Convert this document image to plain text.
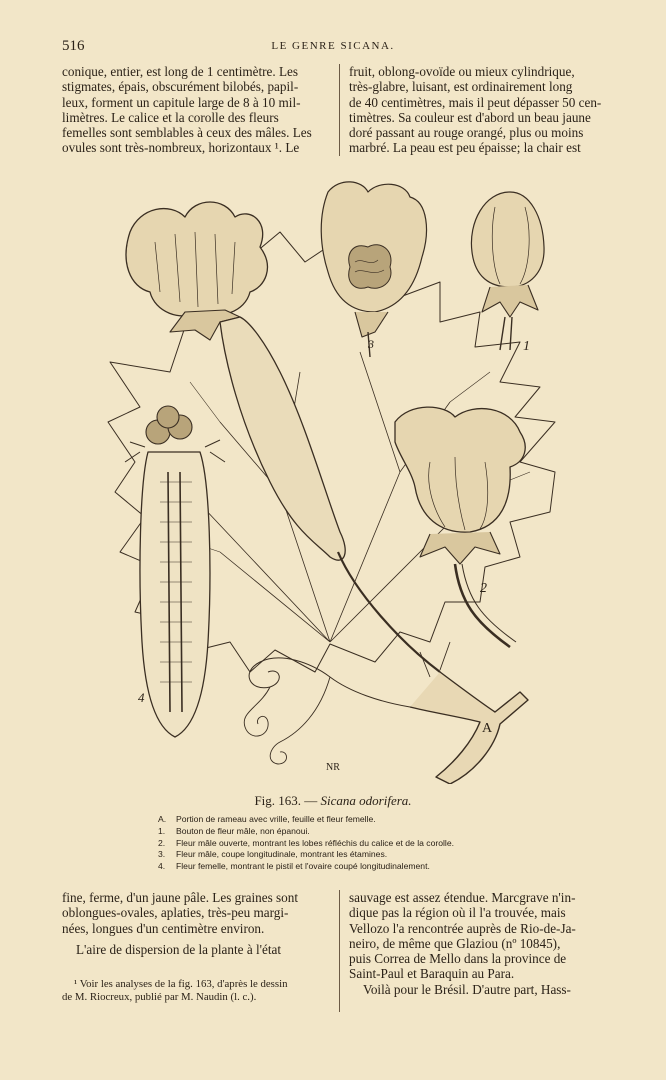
516	LE GENRE SICANA.

conique, entier, est long de 1 centimètre. Les

stigmates, épais, obscurément bilobés, papil-

leux, forment un capitule large de 8 à 10 mil-

limètres. Le calice et la corolle des fleurs

femelles sont semblables à ceux des mâles. Les

ovules sont très-nombreux, horizontaux ¹. Le

fruit, oblong-ovoïde ou mieux cylindrique,

très-glabre, luisant, est ordinairement long

de 40 centimètres, mais il peut dépasser 50 cen-

timètres. Sa couleur est d'abord un beau jaune

doré passant au rouge orangé, plus ou moins

marbré. La peau est peu épaisse; la chair est

1
2
3
4
A
NR
Fig. 163. — Sicana odorifera.
A. Portion de rameau avec vrille, feuille et fleur femelle.
1. Bouton de fleur mâle, non épanoui.
2. Fleur mâle ouverte, montrant les lobes réfléchis du calice et de la corolle.
3. Fleur mâle, coupe longitudinale, montrant les étamines.
4. Fleur femelle, montrant le pistil et l'ovaire coupé longitudinalement.

fine, ferme, d'un jaune pâle. Les graines sont

oblongues-ovales, aplaties, très-peu margi-

nées, longues d'un centimètre environ.

L'aire de dispersion de la plante à l'état

sauvage est assez étendue. Marcgrave n'in-

dique pas la région où il l'a trouvée, mais

Vellozo l'a rencontrée auprès de Rio-de-Ja-

neiro, de même que Glaziou (nº 10845),

puis Correa de Mello dans la province de

Saint-Paul et Baraquin au Para.

Voilà pour le Brésil. D'autre part, Hass-

¹ Voir les analyses de la fig. 163, d'après le dessin

de M. Riocreux, publié par M. Naudin (l. c.).
